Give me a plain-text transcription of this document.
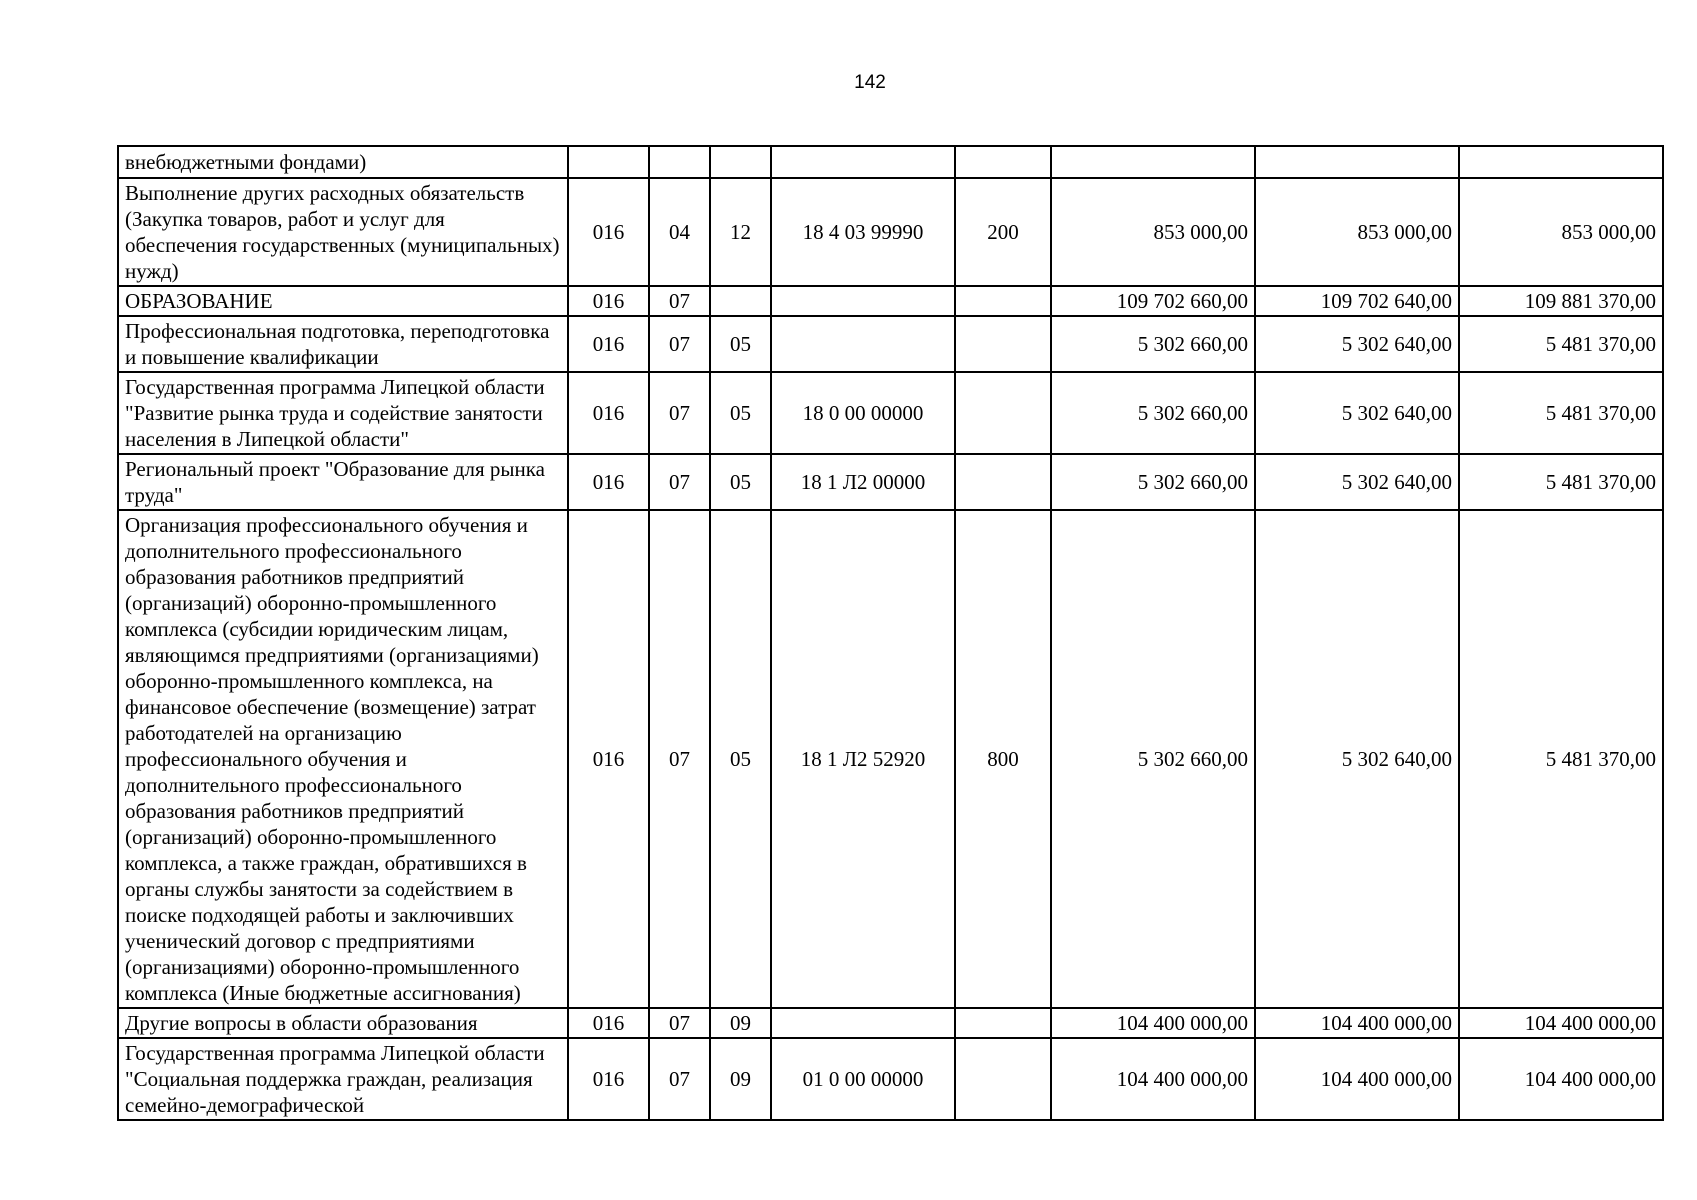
142
внебюджетными фондами)								
Выполнение других расходных обязательств (Закупка товаров, работ и услуг для обеспечения государственных (муниципальных) нужд)	016	04	12	18 4 03 99990	200	853 000,00	853 000,00	853 000,00
ОБРАЗОВАНИЕ	016	07				109 702 660,00	109 702 640,00	109 881 370,00
Профессиональная подготовка, переподготовка и повышение квалификации	016	07	05			5 302 660,00	5 302 640,00	5 481 370,00
Государственная программа Липецкой области "Развитие рынка труда и содействие занятости населения в Липецкой области"	016	07	05	18 0 00 00000		5 302 660,00	5 302 640,00	5 481 370,00
Региональный проект "Образование для рынка труда"	016	07	05	18 1 Л2 00000		5 302 660,00	5 302 640,00	5 481 370,00
Организация профессионального обучения и дополнительного профессионального образования работников предприятий (организаций) оборонно-промышленного комплекса (субсидии юридическим лицам, являющимся предприятиями (организациями) оборонно-промышленного комплекса, на финансовое обеспечение (возмещение) затрат работодателей на организацию профессионального обучения и дополнительного профессионального образования работников предприятий (организаций) оборонно-промышленного комплекса, а также граждан, обратившихся в органы службы занятости за содействием в поиске подходящей работы и заключивших ученический договор с предприятиями (организациями) оборонно-промышленного комплекса (Иные бюджетные ассигнования)	016	07	05	18 1 Л2 52920	800	5 302 660,00	5 302 640,00	5 481 370,00
Другие вопросы в области образования	016	07	09			104 400 000,00	104 400 000,00	104 400 000,00
Государственная программа Липецкой области "Социальная поддержка граждан, реализация семейно-демографической	016	07	09	01 0 00 00000		104 400 000,00	104 400 000,00	104 400 000,00
